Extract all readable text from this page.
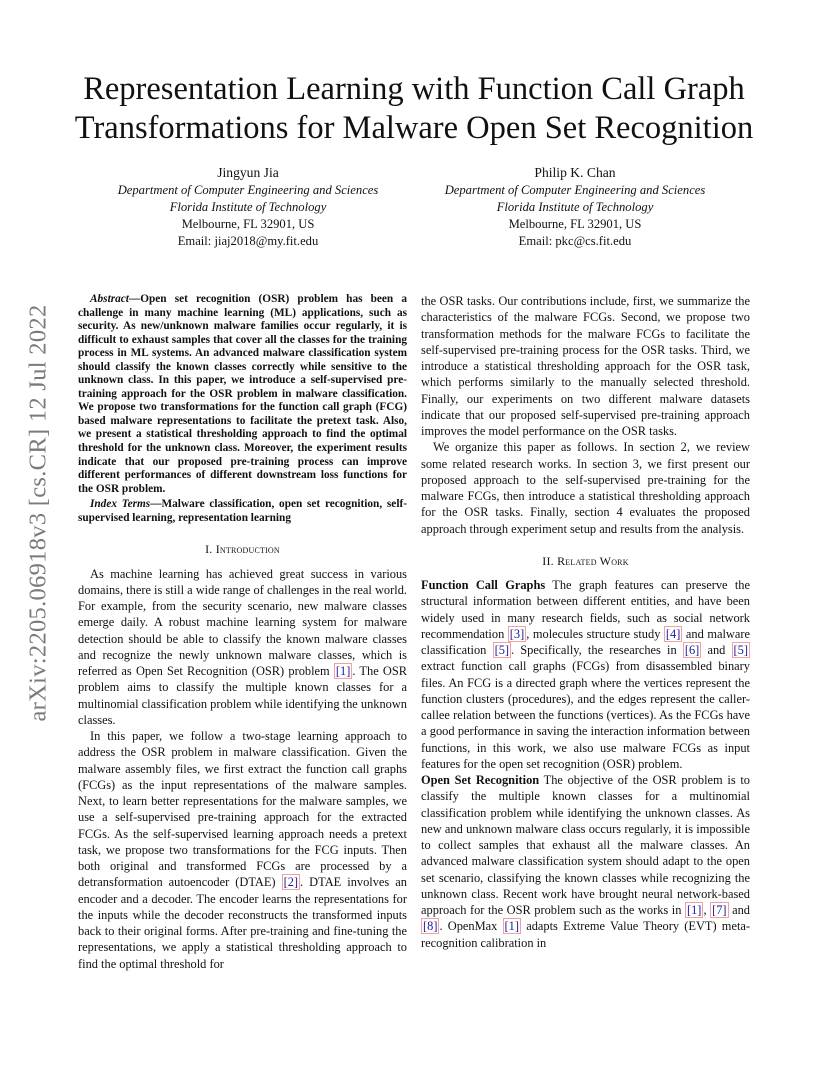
Representation Learning with Function Call Graph
Transformations for Malware Open Set Recognition
Jingyun Jia
Department of Computer Engineering and Sciences
Florida Institute of Technology
Melbourne, FL 32901, US
Email: jiaj2018@my.fit.edu
Philip K. Chan
Department of Computer Engineering and Sciences
Florida Institute of Technology
Melbourne, FL 32901, US
Email: pkc@cs.fit.edu
arXiv:2205.06918v3 [cs.CR] 12 Jul 2022

Abstract—Open set recognition (OSR) problem has been a challenge in many machine learning (ML) applications, such as security. As new/unknown malware families occur regularly, it is difficult to exhaust samples that cover all the classes for the training process in ML systems. An advanced malware classification system should classify the known classes correctly while sensitive to the unknown class. In this paper, we introduce a self-supervised pre-training approach for the OSR problem in malware classification. We propose two transformations for the function call graph (FCG) based malware representations to facilitate the pretext task. Also, we present a statistical thresholding approach to find the optimal threshold for the unknown class. Moreover, the experiment results indicate that our proposed pre-training process can improve different performances of different downstream loss functions for the OSR problem.

Index Terms—Malware classification, open set recognition, self-supervised learning, representation learning

I. Introduction

As machine learning has achieved great success in various domains, there is still a wide range of challenges in the real world. For example, from the security scenario, new malware classes emerge daily. A robust machine learning system for malware detection should be able to classify the known malware classes and recognize the newly unknown malware classes, which is referred as Open Set Recognition (OSR) problem [1] . The OSR problem aims to classify the multiple known classes for a multinomial classification problem while identifying the unknown classes.

In this paper, we follow a two-stage learning approach to address the OSR problem in malware classification. Given the malware assembly files, we first extract the function call graphs (FCGs) as the input representations of the malware samples. Next, to learn better representations for the malware samples, we use a self-supervised pre-training approach for the extracted FCGs. As the self-supervised learning approach needs a pretext task, we propose two transformations for the FCG inputs. Then both original and transformed FCGs are processed by a detransformation autoencoder (DTAE) [2] . DTAE involves an encoder and a decoder. The encoder learns the representations for the inputs while the decoder reconstructs the transformed inputs back to their original forms. After pre-training and fine-tuning the representations, we apply a statistical thresholding approach to find the optimal threshold for

the OSR tasks. Our contributions include, first, we summarize the characteristics of the malware FCGs. Second, we propose two transformation methods for the malware FCGs to facilitate the self-supervised pre-training process for the OSR tasks. Third, we introduce a statistical thresholding approach for the OSR task, which performs similarly to the manually selected threshold. Finally, our experiments on two different malware datasets indicate that our proposed self-supervised pre-training approach improves the model performance on the OSR tasks.

We organize this paper as follows. In section 2, we review some related research works. In section 3, we first present our proposed approach to the self-supervised pre-training for the malware FCGs, then introduce a statistical thresholding approach for the OSR tasks. Finally, section 4 evaluates the proposed approach through experiment setup and results from the analysis.

II. Related Work

Function Call Graphs The graph features can preserve the structural information between different entities, and have been widely used in many research fields, such as social network recommendation [3] , molecules structure study [4] and malware classification [5] . Specifically, the researches in [6] and [5] extract function call graphs (FCGs) from disassembled binary files. An FCG is a directed graph where the vertices represent the function clusters (procedures), and the edges represent the caller-callee relation between the functions (vertices). As the FCGs have a good performance in saving the interaction information between functions, in this work, we also use malware FCGs as input features for the open set recognition (OSR) problem.

Open Set Recognition The objective of the OSR problem is to classify the multiple known classes for a multinomial classification problem while identifying the unknown classes. As new and unknown malware class occurs regularly, it is impossible to collect samples that exhaust all the malware classes. An advanced malware classification system should adapt to the open set scenario, classifying the known classes while recognizing the unknown class. Recent work have brought neural network-based approach for the OSR problem such as the works in [1] , [7] and [8] . OpenMax [1] adapts Extreme Value Theory (EVT) meta-recognition calibration in
